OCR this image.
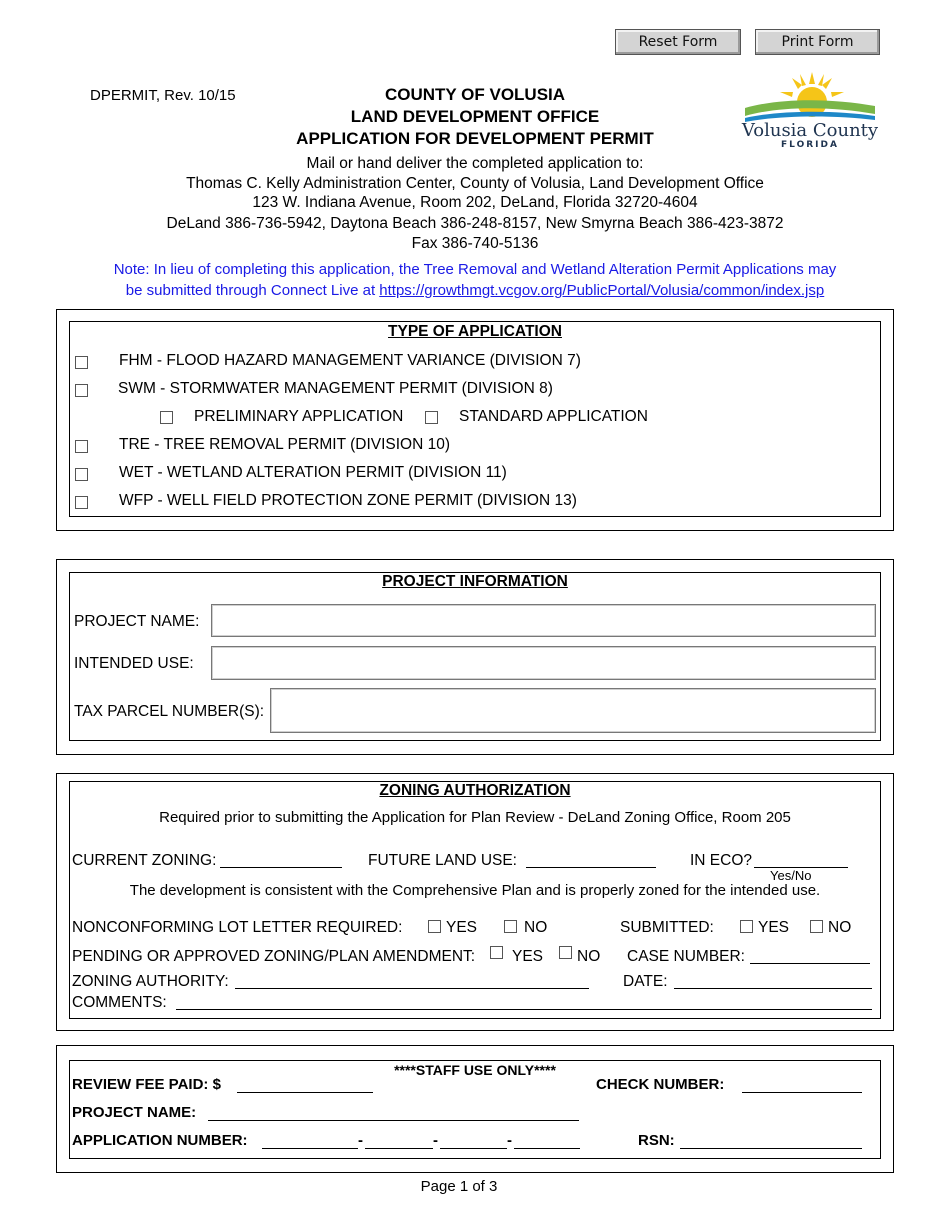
Reset Form	Print Form
DPERMIT, Rev. 10/15	COUNTY OF VOLUSIA
LAND DEVELOPMENT OFFICE
APPLICATION FOR DEVELOPMENT PERMIT	Volusia County
FLORIDA
Mail or hand deliver the completed application to:
Thomas C. Kelly Administration Center, County of Volusia, Land Development Office
123 W. Indiana Avenue, Room 202, DeLand, Florida 32720-4604
DeLand 386-736-5942, Daytona Beach 386-248-8157, New Smyrna Beach 386-423-3872
Fax 386-740-5136
Note: In lieu of completing this application, the Tree Removal and Wetland Alteration Permit Applications may
be submitted through Connect Live at https://growthmgt.vcgov.org/PublicPortal/Volusia/common/index.jsp
TYPE OF APPLICATION
FHM - FLOOD HAZARD MANAGEMENT VARIANCE (DIVISION 7)
SWM - STORMWATER MANAGEMENT PERMIT (DIVISION 8)
PRELIMINARY APPLICATION	STANDARD APPLICATION
TRE - TREE REMOVAL PERMIT (DIVISION 10)
WET - WETLAND ALTERATION PERMIT (DIVISION 11)
WFP - WELL FIELD PROTECTION ZONE PERMIT (DIVISION 13)
PROJECT INFORMATION
PROJECT NAME:
INTENDED USE:
TAX PARCEL NUMBER(S):
ZONING AUTHORIZATION
Required prior to submitting the Application for Plan Review - DeLand Zoning Office, Room 205
CURRENT ZONING:	FUTURE LAND USE:	IN ECO?
Yes/No
The development is consistent with the Comprehensive Plan and is properly zoned for the intended use.
NONCONFORMING LOT LETTER REQUIRED:	YES	NO	SUBMITTED:	YES	NO
PENDING OR APPROVED ZONING/PLAN AMENDMENT: YES NO CASE NUMBER:
ZONING AUTHORITY:	DATE:
COMMENTS:
****STAFF USE ONLY****
REVIEW FEE PAID: $	CHECK NUMBER:
PROJECT NAME:
APPLICATION NUMBER:	-	-	-	RSN:
Page 1 of 3
